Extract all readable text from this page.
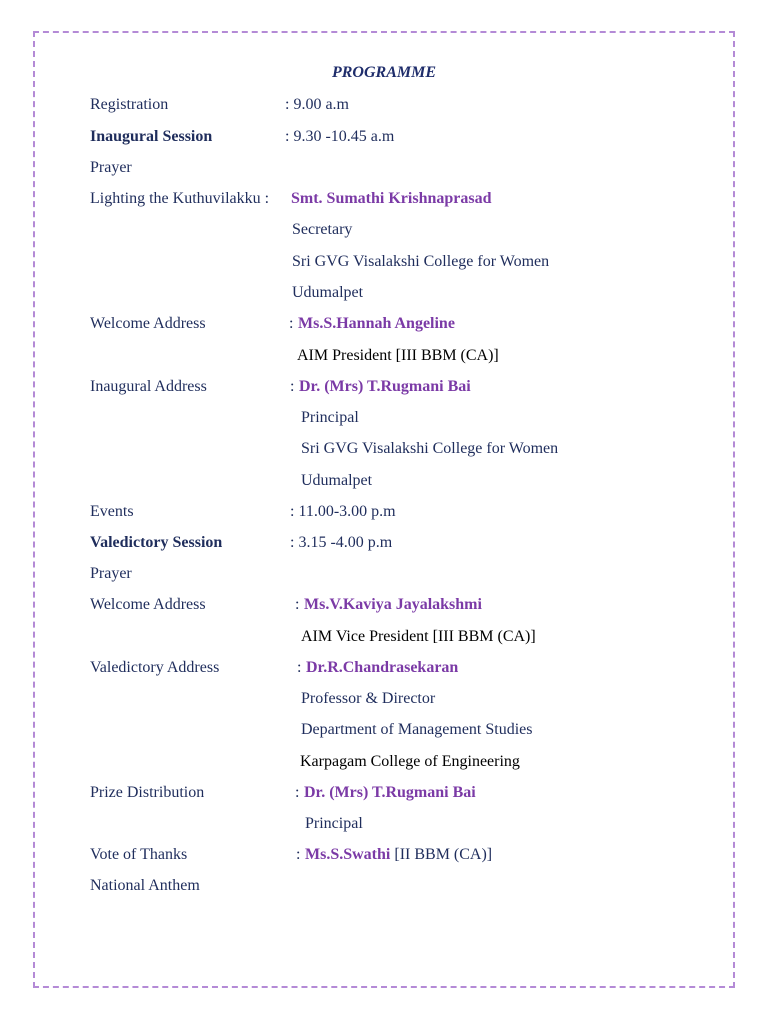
PROGRAMME
Registration	: 9.00 a.m
Inaugural Session	: 9.30 -10.45 a.m
Prayer
Lighting the Kuthuvilakku : Smt. Sumathi Krishnaprasad
Secretary
Sri GVG Visalakshi College for Women
Udumalpet
Welcome Address	: Ms.S.Hannah Angeline
AIM President [III BBM (CA)]
Inaugural Address	: Dr. (Mrs) T.Rugmani Bai
Principal
Sri GVG Visalakshi College for Women
Udumalpet
Events	: 11.00-3.00 p.m
Valedictory Session	: 3.15 -4.00 p.m
Prayer
Welcome Address	: Ms.V.Kaviya Jayalakshmi
AIM Vice President [III BBM (CA)]
Valedictory Address	: Dr.R.Chandrasekaran
Professor & Director
Department of Management Studies
Karpagam College of Engineering
Prize Distribution	: Dr. (Mrs) T.Rugmani Bai
Principal
Vote of Thanks	: Ms.S.Swathi [II BBM (CA)]
National Anthem
